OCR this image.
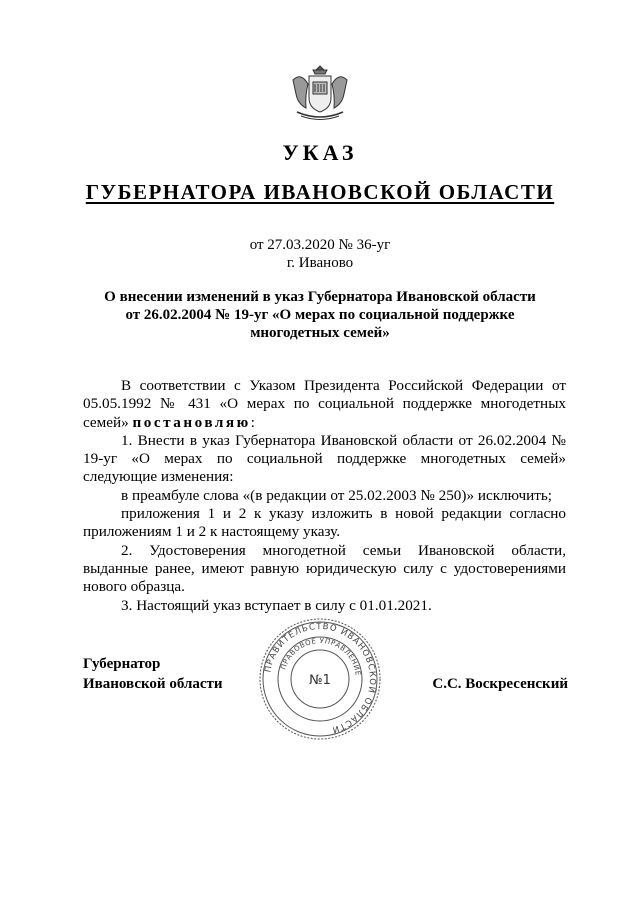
УКАЗ
ГУБЕРНАТОРА ИВАНОВСКОЙ ОБЛАСТИ
от 27.03.2020 № 36-уг
г. Иваново
О внесении изменений в указ Губернатора Ивановской области
от 26.02.2004 № 19-уг «О мерах по социальной поддержке
многодетных семей»

В соответствии с Указом Президента Российской Федерации от 05.05.1992 № 431 «О мерах по социальной поддержке многодетных семей» постановляю:

1. Внести в указ Губернатора Ивановской области от 26.02.2004 № 19-уг «О мерах по социальной поддержке многодетных семей» следующие изменения:

в преамбуле слова «(в редакции от 25.02.2003 № 250)» исключить;

приложения 1 и 2 к указу изложить в новой редакции согласно приложениям 1 и 2 к настоящему указу.

2. Удостоверения многодетной семьи Ивановской области, выданные ранее, имеют равную юридическую силу с удостоверениями нового образца.

3. Настоящий указ вступает в силу с 01.01.2021.

Губернатор
Ивановской области	С.С. Воскресенский
ПРАВИТЕЛЬСТВО ИВАНОВСКОЙ ОБЛАСТИ
ПРАВОВОЕ УПРАВЛЕНИЕ
№1
